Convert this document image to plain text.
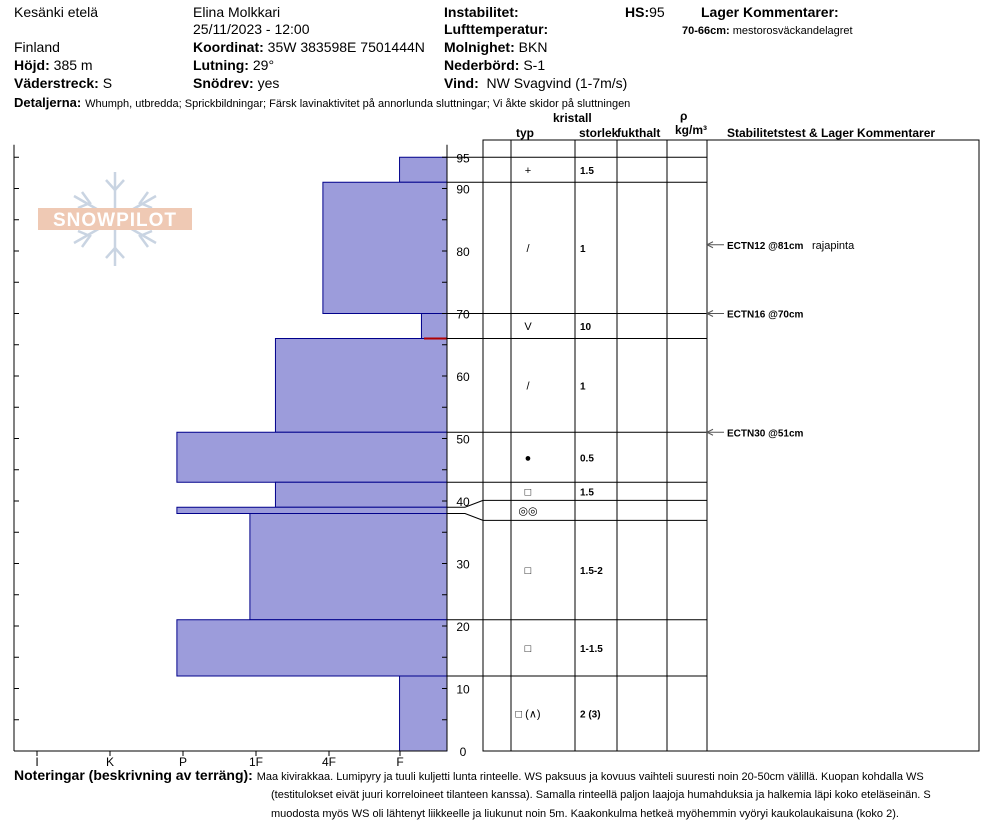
Kesänki etelä
Finland
Höjd: 385 m
Väderstreck: S
Elina Molkkari
25/11/2023 - 12:00
Koordinat: 35W 383598E 7501444N
Lutning: 29°
Snödrev: yes
Instabilitet:
Lufttemperatur:
Molnighet: BKN
Nederbörd: S-1
Vind: NW Svagvind (1-7m/s)
HS:95	Lager Kommentarer:
70-66cm: mestorosväckandelagret
Detaljerna: Whumph, utbredda; Sprickbildningar; Färsk lavinaktivitet på annorlunda sluttningar; Vi åkte skidor på sluttningen
kristall
typ	storlek
fukthalt
ρ
kg/m³ Stabilitetstest & Lager Kommentarer
SNOWPILOT
0
10
20
30
40
50
60
70
80
90
95
I	K	P	1F	4F	F
+	1.5
/	1
V	10
/	1
●	0.5
□	1.5
◎◎
□	1.5-2
□	1-1.5
□ (∧)	2 (3)
ECTN12 @81cm rajapinta
ECTN16 @70cm
ECTN30 @51cm
Noteringar (beskrivning av terräng): Maa kivirakkaa. Lumipyry ja tuuli kuljetti lunta rinteelle. WS paksuus ja kovuus vaihteli suuresti noin 20-50cm välillä. Kuopan kohdalla WS
(testitulokset eivät juuri korreloineet tilanteen kanssa). Samalla rinteellä paljon laajoja humahduksia ja halkemia läpi koko eteläseinän. S
muodosta myös WS oli lähtenyt liikkeelle ja liukunut noin 5m. Kaakonkulma hetkeä myöhemmin vyöryi kaukolaukaisuna (koko 2).
